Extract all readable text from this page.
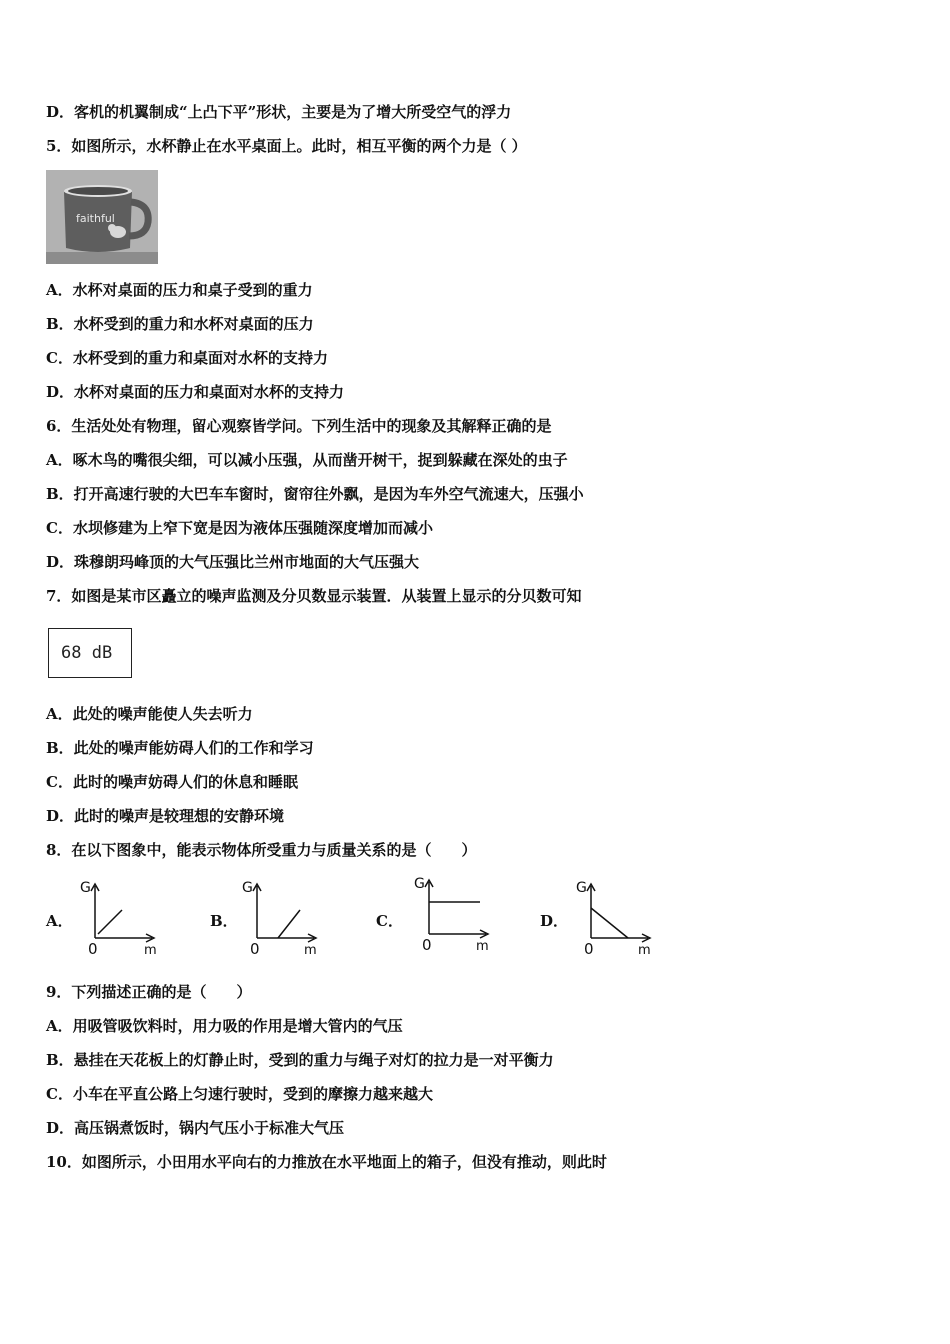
D．客机的机翼制成“上凸下平”形状，主要是为了增大所受空气的浮力
5．如图所示，水杯静止在水平桌面上。此时，相互平衡的两个力是（ ）
faithful
A．水杯对桌面的压力和桌子受到的重力
B．水杯受到的重力和水杯对桌面的压力
C．水杯受到的重力和桌面对水杯的支持力
D．水杯对桌面的压力和桌面对水杯的支持力
6．生活处处有物理，留心观察皆学问。下列生活中的现象及其解释正确的是
A．啄木鸟的嘴很尖细，可以减小压强，从而凿开树干，捉到躲藏在深处的虫子
B．打开高速行驶的大巴车车窗时，窗帘往外飘，是因为车外空气流速大，压强小
C．水坝修建为上窄下宽是因为液体压强随深度增加而减小
D．珠穆朗玛峰顶的大气压强比兰州市地面的大气压强大
7．如图是某市区矗立的噪声监测及分贝数显示装置．从装置上显示的分贝数可知
68 dB
A．此处的噪声能使人失去听力
B．此处的噪声能妨碍人们的工作和学习
C．此时的噪声妨碍人们的休息和睡眠
D．此时的噪声是较理想的安静环境
8．在以下图象中，能表示物体所受重力与质量关系的是（　　）
A．
G
0	m
B．
G
0	m
C．
G
0	m
D．
G
0	m
9．下列描述正确的是（　　）
A．用吸管吸饮料时，用力吸的作用是增大管内的气压
B．悬挂在天花板上的灯静止时，受到的重力与绳子对灯的拉力是一对平衡力
C．小车在平直公路上匀速行驶时，受到的摩擦力越来越大
D．高压锅煮饭时，锅内气压小于标准大气压
10．如图所示，小田用水平向右的力推放在水平地面上的箱子，但没有推动，则此时
